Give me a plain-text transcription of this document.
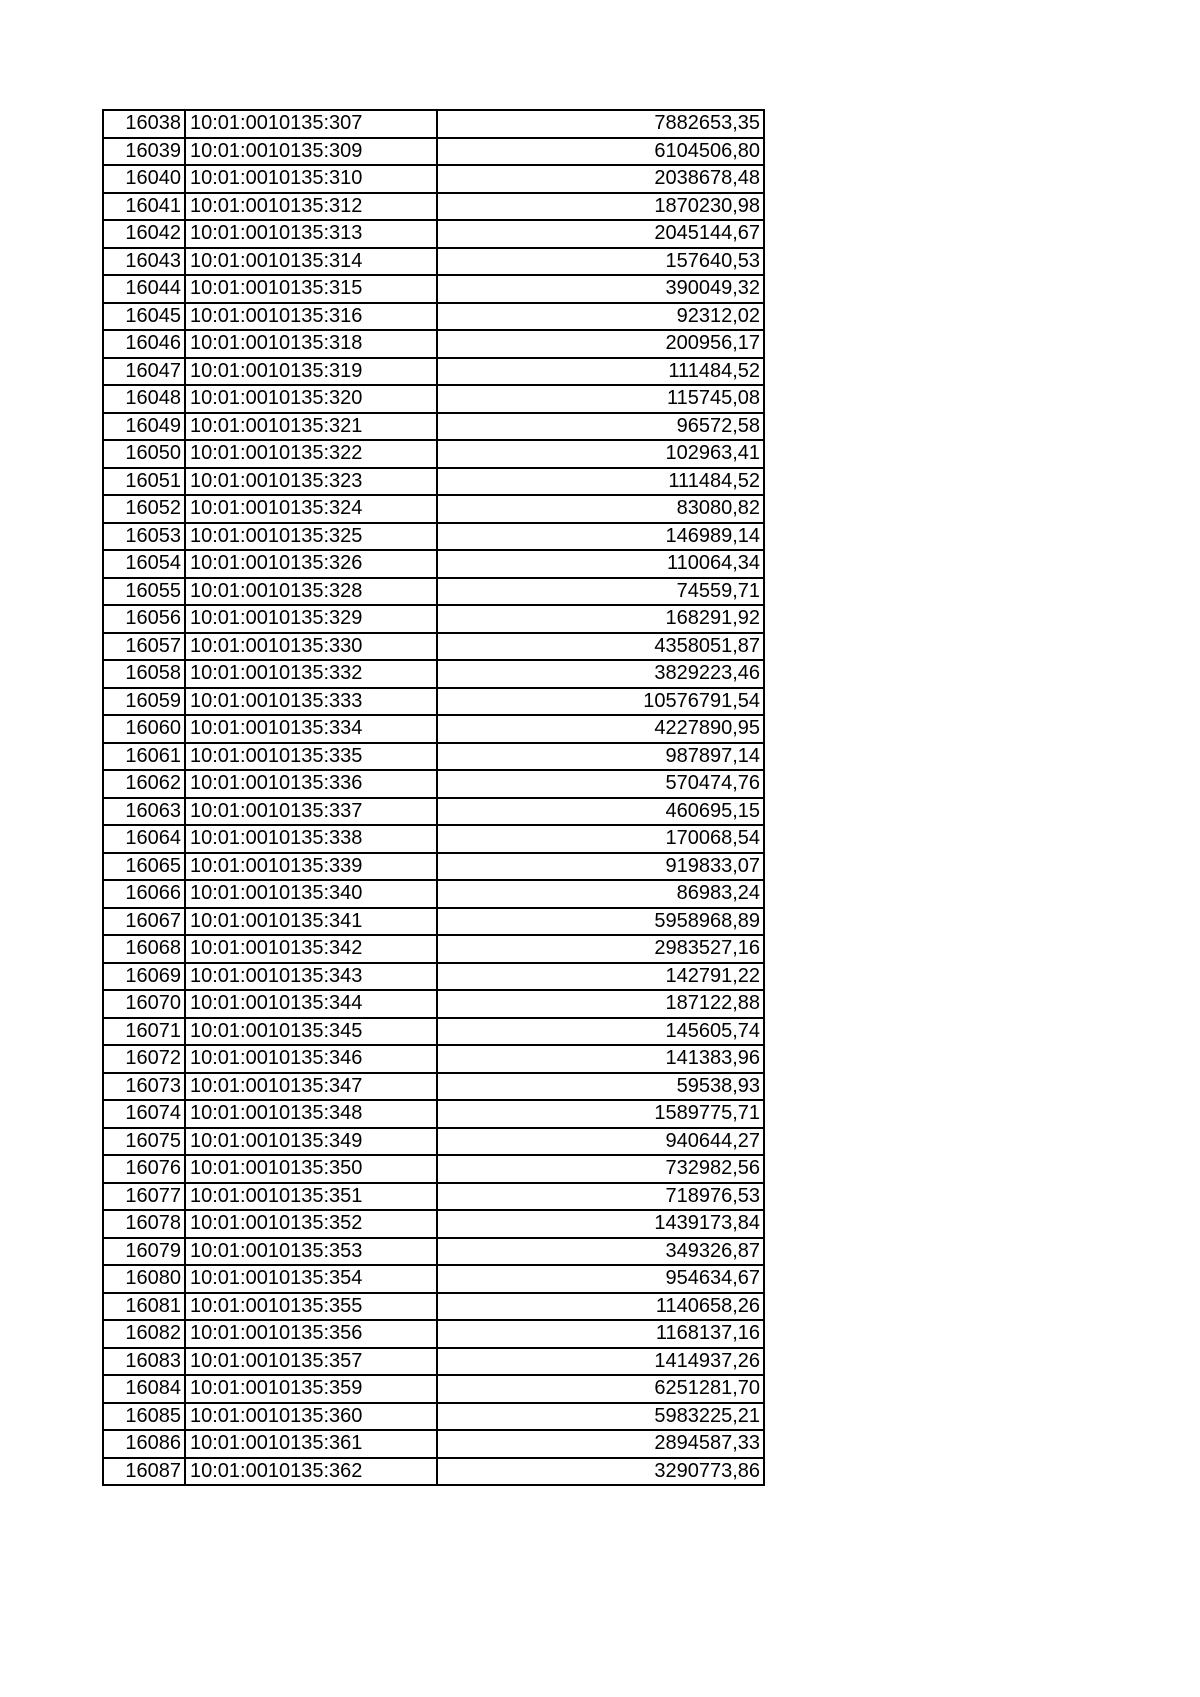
16038	10:01:0010135:307	7882653,35
16039	10:01:0010135:309	6104506,80
16040	10:01:0010135:310	2038678,48
16041	10:01:0010135:312	1870230,98
16042	10:01:0010135:313	2045144,67
16043	10:01:0010135:314	157640,53
16044	10:01:0010135:315	390049,32
16045	10:01:0010135:316	92312,02
16046	10:01:0010135:318	200956,17
16047	10:01:0010135:319	111484,52
16048	10:01:0010135:320	115745,08
16049	10:01:0010135:321	96572,58
16050	10:01:0010135:322	102963,41
16051	10:01:0010135:323	111484,52
16052	10:01:0010135:324	83080,82
16053	10:01:0010135:325	146989,14
16054	10:01:0010135:326	110064,34
16055	10:01:0010135:328	74559,71
16056	10:01:0010135:329	168291,92
16057	10:01:0010135:330	4358051,87
16058	10:01:0010135:332	3829223,46
16059	10:01:0010135:333	10576791,54
16060	10:01:0010135:334	4227890,95
16061	10:01:0010135:335	987897,14
16062	10:01:0010135:336	570474,76
16063	10:01:0010135:337	460695,15
16064	10:01:0010135:338	170068,54
16065	10:01:0010135:339	919833,07
16066	10:01:0010135:340	86983,24
16067	10:01:0010135:341	5958968,89
16068	10:01:0010135:342	2983527,16
16069	10:01:0010135:343	142791,22
16070	10:01:0010135:344	187122,88
16071	10:01:0010135:345	145605,74
16072	10:01:0010135:346	141383,96
16073	10:01:0010135:347	59538,93
16074	10:01:0010135:348	1589775,71
16075	10:01:0010135:349	940644,27
16076	10:01:0010135:350	732982,56
16077	10:01:0010135:351	718976,53
16078	10:01:0010135:352	1439173,84
16079	10:01:0010135:353	349326,87
16080	10:01:0010135:354	954634,67
16081	10:01:0010135:355	1140658,26
16082	10:01:0010135:356	1168137,16
16083	10:01:0010135:357	1414937,26
16084	10:01:0010135:359	6251281,70
16085	10:01:0010135:360	5983225,21
16086	10:01:0010135:361	2894587,33
16087	10:01:0010135:362	3290773,86
